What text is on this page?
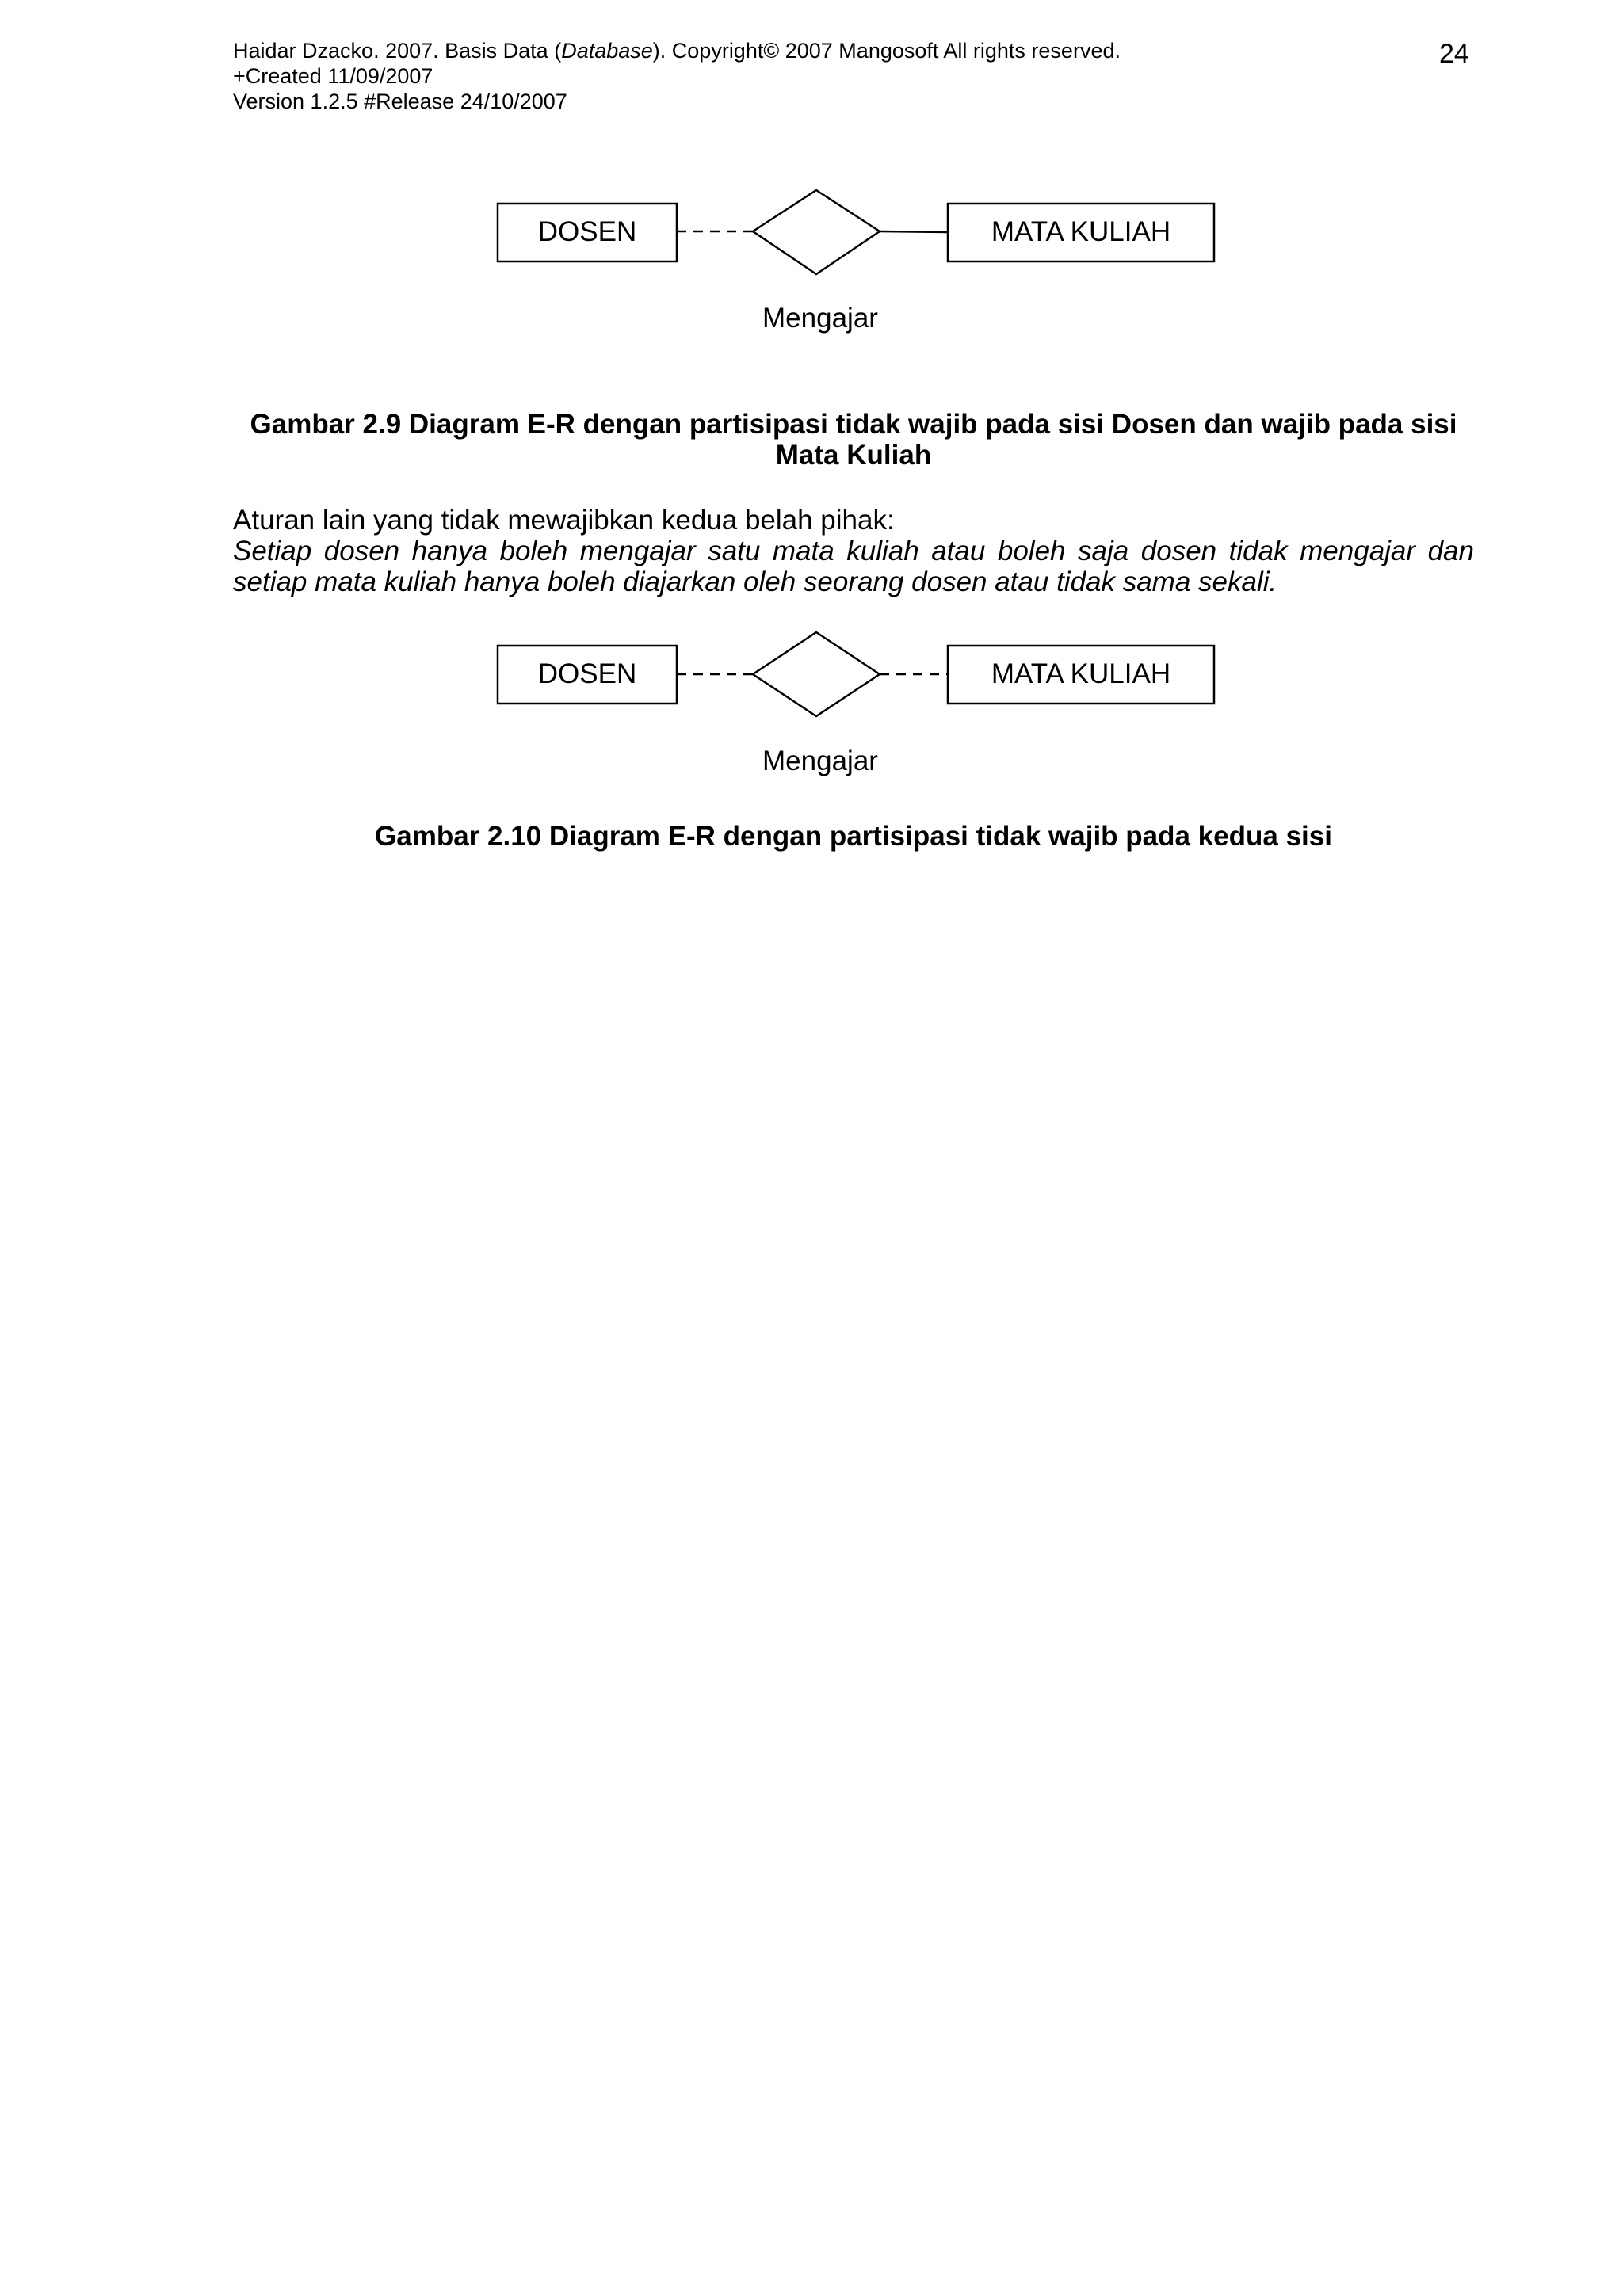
Haidar Dzacko. 2007. Basis Data (Database). Copyright© 2007 Mangosoft All rights reserved.
+Created 11/09/2007
Version 1.2.5 #Release 24/10/2007
24
DOSEN	MATA KULIAH
Mengajar
Gambar 2.9 Diagram E-R dengan partisipasi tidak wajib pada sisi Dosen dan wajib pada sisi Mata Kuliah
Aturan lain yang tidak mewajibkan kedua belah pihak:
Setiap dosen hanya boleh mengajar satu mata kuliah atau boleh saja dosen tidak mengajar dan setiap mata kuliah hanya boleh diajarkan oleh seorang dosen atau tidak sama sekali.
DOSEN	MATA KULIAH
Mengajar
Gambar 2.10 Diagram E-R dengan partisipasi tidak wajib pada kedua sisi
